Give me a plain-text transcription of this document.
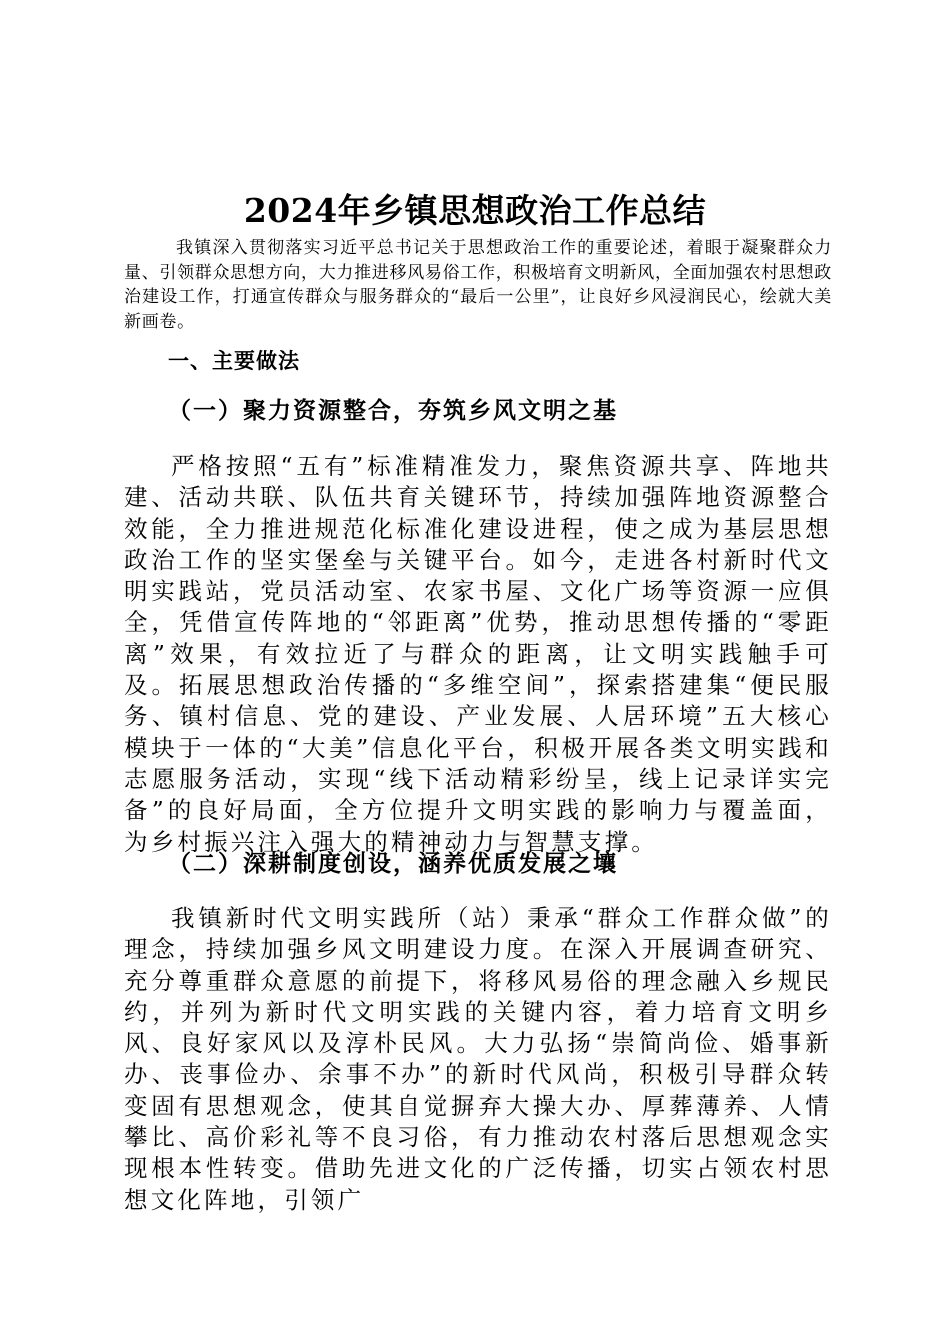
2024年乡镇思想政治工作总结

我镇深入贯彻落实习近平总书记关于思想政治工作的重要论述，着眼于凝聚群众力量、引领群众思想方向，大力推进移风易俗工作，积极培育文明新风，全面加强农村思想政治建设工作，打通宣传群众与服务群众的“最后一公里”，让良好乡风浸润民心，绘就大美新画卷。

一、主要做法
（一）聚力资源整合，夯筑乡风文明之基

严格按照“五有”标准精准发力，聚焦资源共享、阵地共建、活动共联、队伍共育关键环节，持续加强阵地资源整合效能，全力推进规范化标准化建设进程，使之成为基层思想政治工作的坚实堡垒与关键平台。如今，走进各村新时代文明实践站，党员活动室、农家书屋、文化广场等资源一应俱全，凭借宣传阵地的“邻距离”优势，推动思想传播的“零距离”效果，有效拉近了与群众的距离，让文明实践触手可及。拓展思想政治传播的“多维空间”，探索搭建集“便民服务、镇村信息、党的建设、产业发展、人居环境”五大核心模块于一体的“大美”信息化平台，积极开展各类文明实践和志愿服务活动，实现“线下活动精彩纷呈，线上记录详实完备”的良好局面，全方位提升文明实践的影响力与覆盖面，为乡村振兴注入强大的精神动力与智慧支撑。

（二）深耕制度创设，涵养优质发展之壤

我镇新时代文明实践所（站）秉承“群众工作群众做”的理念，持续加强乡风文明建设力度。在深入开展调查研究、充分尊重群众意愿的前提下，将移风易俗的理念融入乡规民约，并列为新时代文明实践的关键内容，着力培育文明乡风、良好家风以及淳朴民风。大力弘扬“崇简尚俭、婚事新办、丧事俭办、余事不办”的新时代风尚，积极引导群众转变固有思想观念，使其自觉摒弃大操大办、厚葬薄养、人情攀比、高价彩礼等不良习俗，有力推动农村落后思想观念实现根本性转变。借助先进文化的广泛传播，切实占领农村思想文化阵地，引领广
